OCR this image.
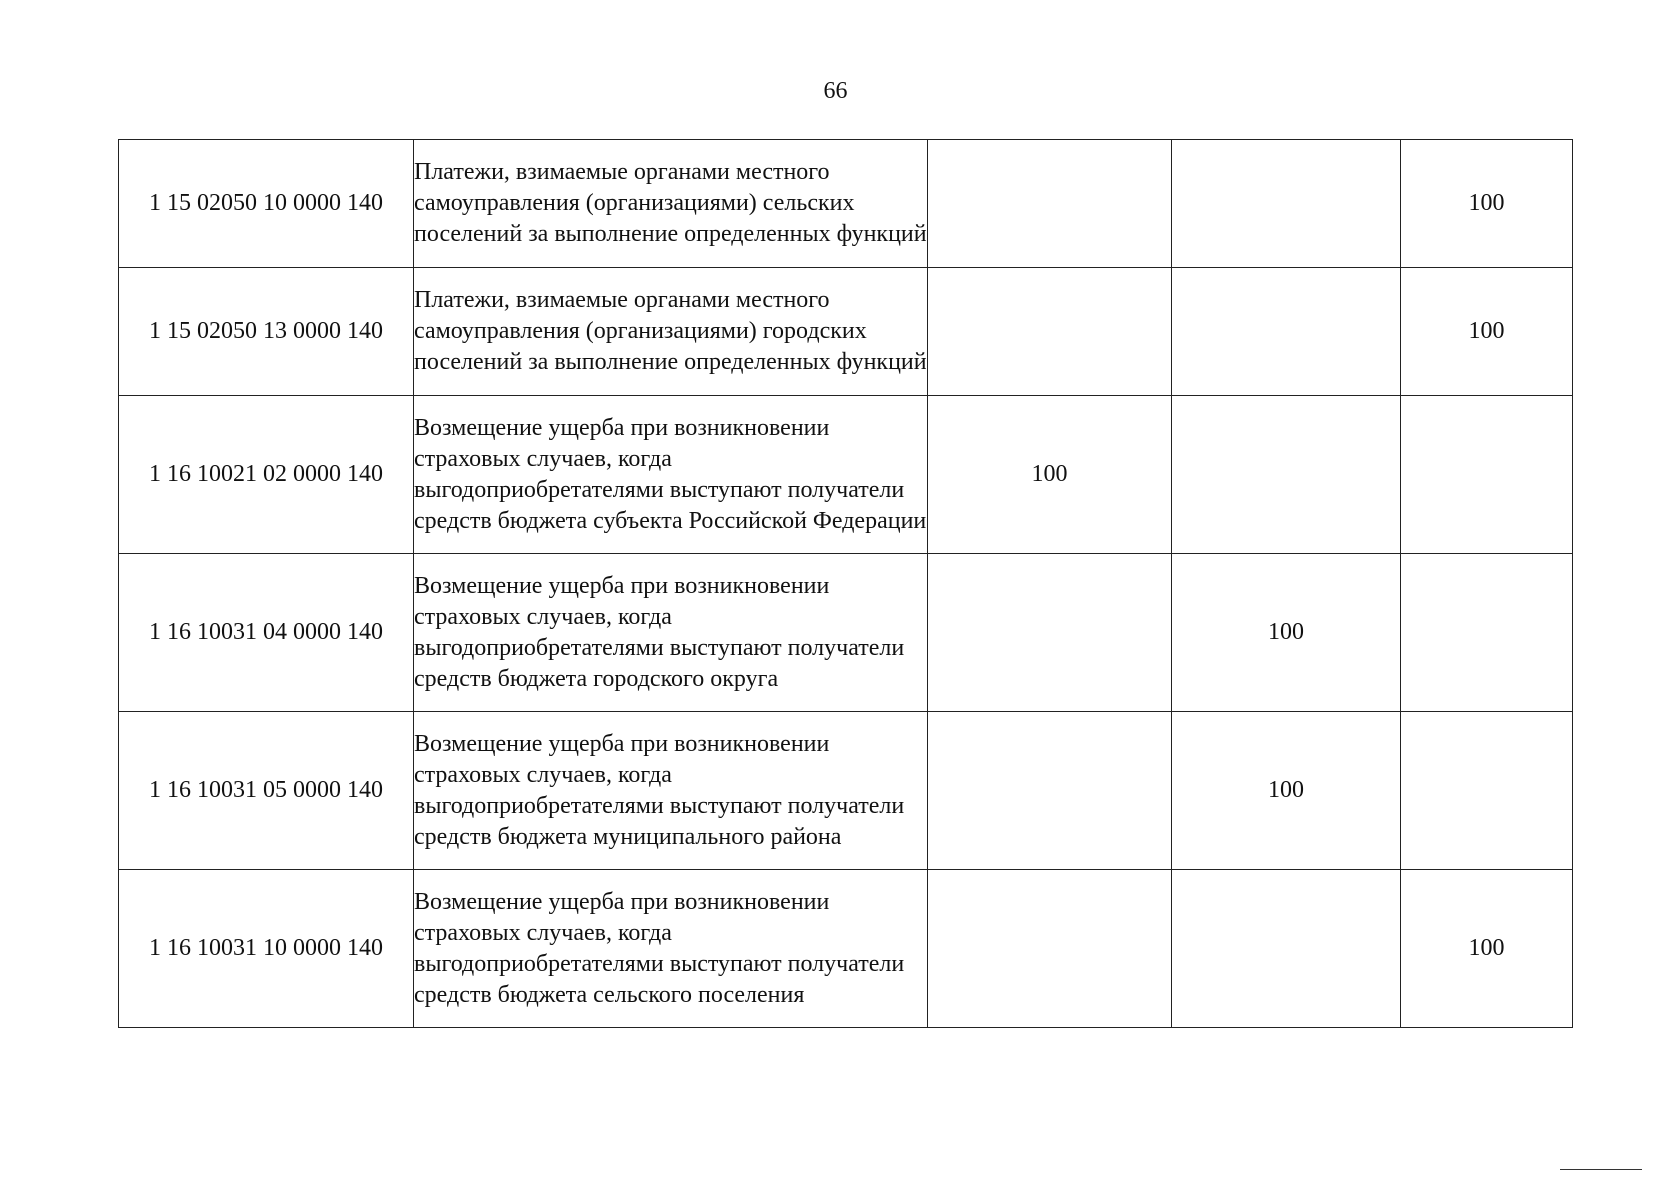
66
1 15 02050 10 0000 140	Платежи, взимаемые органами местного самоуправления (организациями) сельских поселений за выполнение определенных функций			100
1 15 02050 13 0000 140	Платежи, взимаемые органами местного самоуправления (организациями) городских поселений за выполнение определенных функций			100
1 16 10021 02 0000 140	Возмещение ущерба при возникновении страховых случаев, когда выгодоприобретателями выступают получатели средств бюджета субъекта Российской Федерации	100		
1 16 10031 04 0000 140	Возмещение ущерба при возникновении страховых случаев, когда выгодоприобретателями выступают получатели средств бюджета городского округа		100	
1 16 10031 05 0000 140	Возмещение ущерба при возникновении страховых случаев, когда выгодоприобретателями выступают получатели средств бюджета муниципального района		100	
1 16 10031 10 0000 140	Возмещение ущерба при возникновении страховых случаев, когда выгодоприобретателями выступают получатели средств бюджета сельского поселения			100
